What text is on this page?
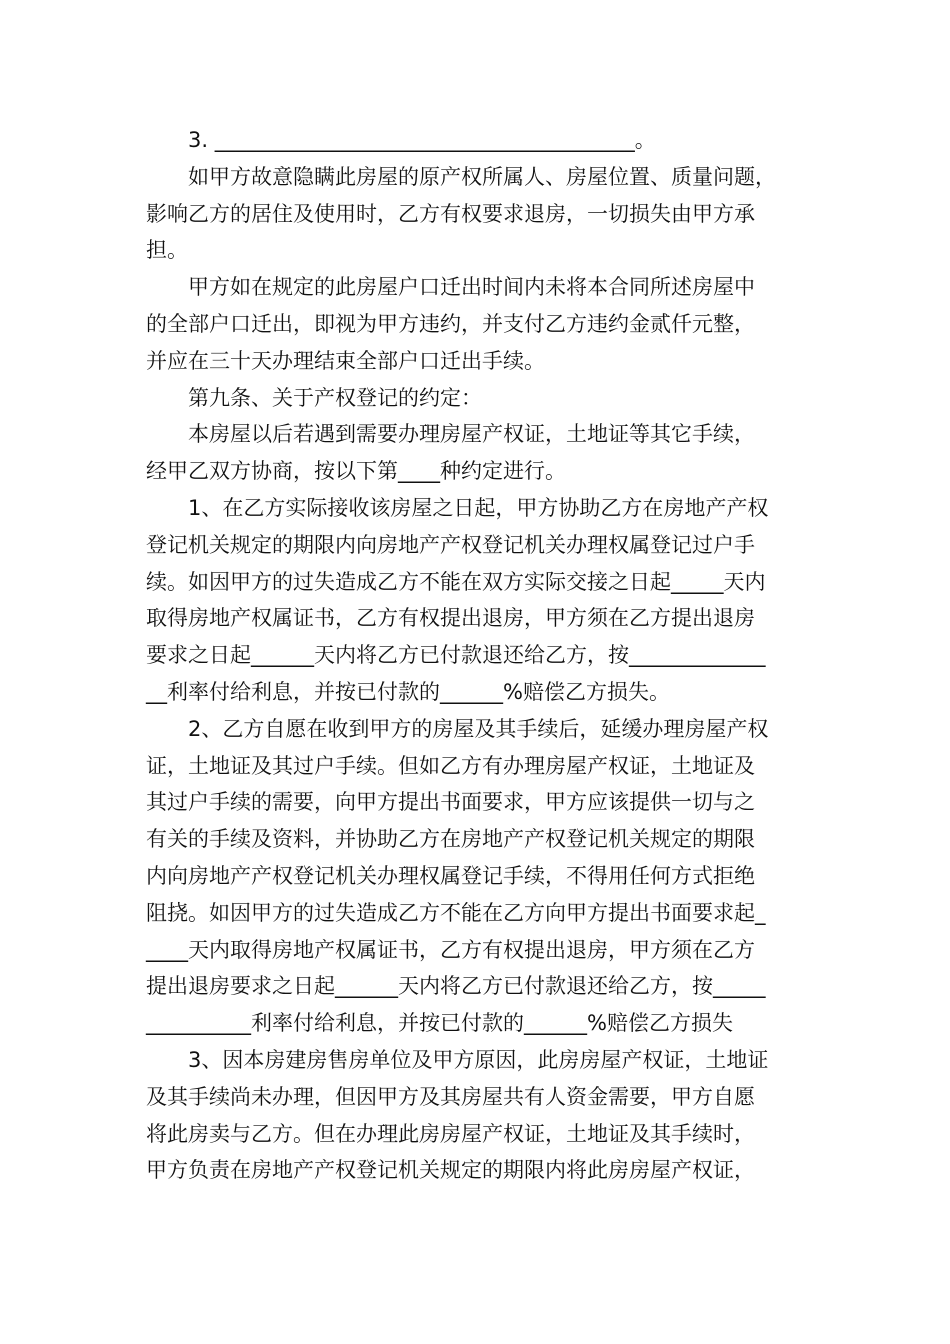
　　3. ________________________________________。
　　如甲方故意隐瞒此房屋的原产权所属人、房屋位置、质量问题，
影响乙方的居住及使用时，乙方有权要求退房，一切损失由甲方承
担。
　　甲方如在规定的此房屋户口迁出时间内未将本合同所述房屋中
的全部户口迁出，即视为甲方违约，并支付乙方违约金贰仟元整，
并应在三十天办理结束全部户口迁出手续。
　　第九条、关于产权登记的约定：
　　本房屋以后若遇到需要办理房屋产权证，土地证等其它手续，
经甲乙双方协商，按以下第____种约定进行。
　　1、在乙方实际接收该房屋之日起，甲方协助乙方在房地产产权
登记机关规定的期限内向房地产产权登记机关办理权属登记过户手
续。如因甲方的过失造成乙方不能在双方实际交接之日起_____天内
取得房地产权属证书，乙方有权提出退房，甲方须在乙方提出退房
要求之日起______天内将乙方已付款退还给乙方，按_____________
__利率付给利息，并按已付款的______%赔偿乙方损失。
　　2、乙方自愿在收到甲方的房屋及其手续后，延缓办理房屋产权
证，土地证及其过户手续。但如乙方有办理房屋产权证，土地证及
其过户手续的需要，向甲方提出书面要求，甲方应该提供一切与之
有关的手续及资料，并协助乙方在房地产产权登记机关规定的期限
内向房地产产权登记机关办理权属登记手续，不得用任何方式拒绝
阻挠。如因甲方的过失造成乙方不能在乙方向甲方提出书面要求起_
____天内取得房地产权属证书，乙方有权提出退房，甲方须在乙方
提出退房要求之日起______天内将乙方已付款退还给乙方，按_____
__________利率付给利息，并按已付款的______%赔偿乙方损失
　　3、因本房建房售房单位及甲方原因，此房房屋产权证，土地证
及其手续尚未办理，但因甲方及其房屋共有人资金需要，甲方自愿
将此房卖与乙方。但在办理此房房屋产权证，土地证及其手续时，
甲方负责在房地产产权登记机关规定的期限内将此房房屋产权证，
